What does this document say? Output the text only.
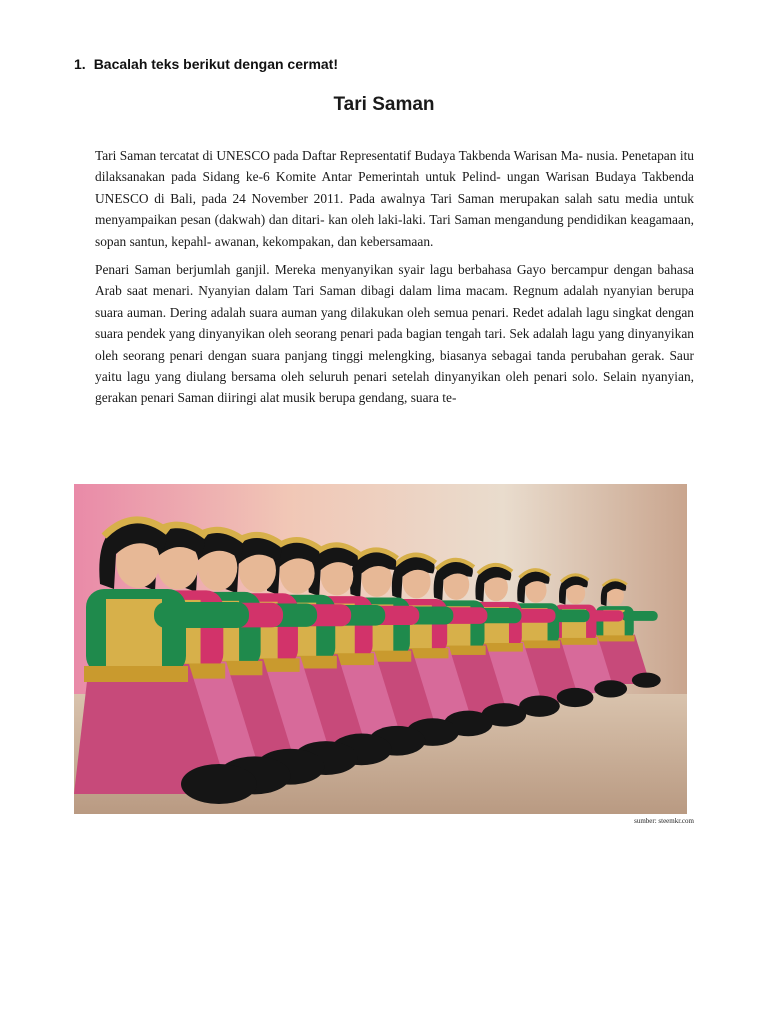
1. Bacalah teks berikut dengan cermat!
Tari Saman

Tari Saman tercatat di UNESCO pada Daftar Representatif Budaya Takbenda Warisan Ma- nusia. Penetapan itu dilaksanakan pada Sidang ke-6 Komite Antar Pemerintah untuk Pelind- ungan Warisan Budaya Takbenda UNESCO di Bali, pada 24 November 2011. Pada awalnya Tari Saman merupakan salah satu media untuk menyampaikan pesan (dakwah) dan ditari- kan oleh laki-laki. Tari Saman mengandung pendidikan keagamaan, sopan santun, kepahl- awanan, kekompakan, dan kebersamaan.

Penari Saman berjumlah ganjil. Mereka menyanyikan syair lagu berbahasa Gayo bercampur dengan bahasa Arab saat menari. Nyanyian dalam Tari Saman dibagi dalam lima macam. Regnum adalah nyanyian berupa suara auman. Dering adalah suara auman yang dilakukan oleh semua penari. Redet adalah lagu singkat dengan suara pendek yang dinyanyikan oleh seorang penari pada bagian tengah tari. Sek adalah lagu yang dinyanyikan oleh seorang penari dengan suara panjang tinggi melengking, biasanya sebagai tanda perubahan gerak. Saur yaitu lagu yang diulang bersama oleh seluruh penari setelah dinyanyikan oleh penari solo. Selain nyanyian, gerakan penari Saman diiringi alat musik berupa gendang, suara te-

sumber: steemkr.com
